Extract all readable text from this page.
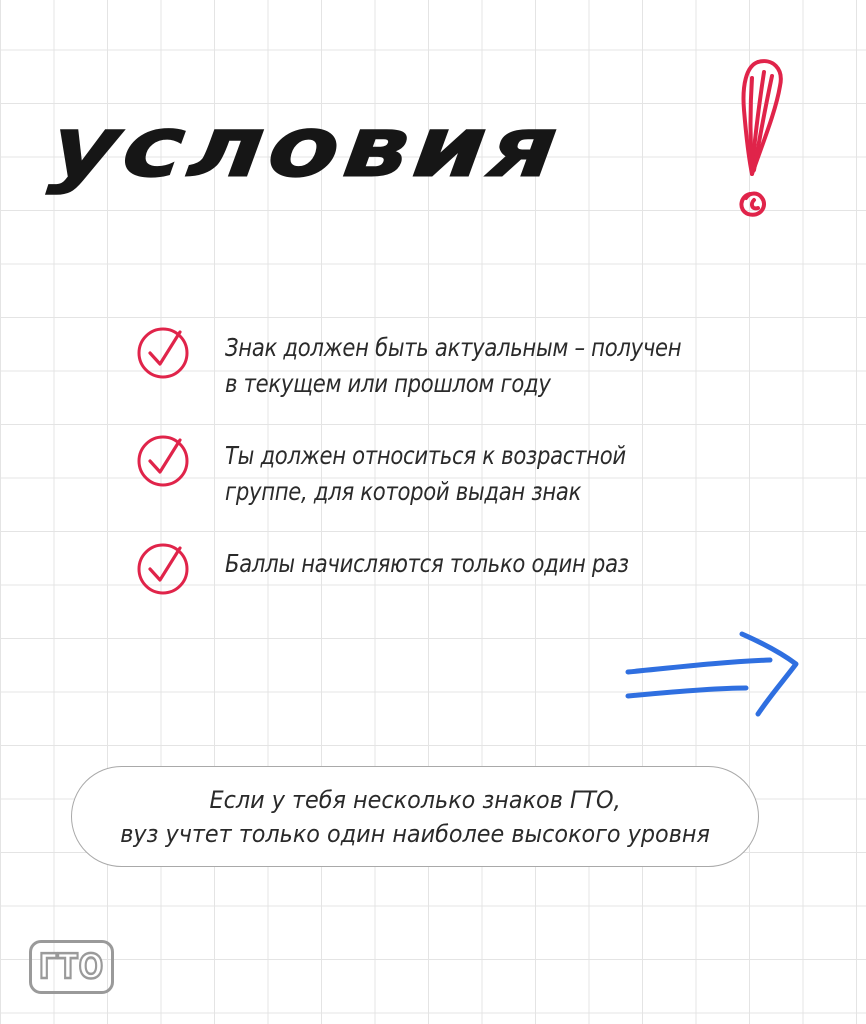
условия
Знак должен быть актуальным – получен
в текущем или прошлом году
Ты должен относиться к возрастной
группе, для которой выдан знак
Баллы начисляются только один раз
Если у тебя несколько знаков ГТО,
вуз учтет только один наиболее высокого уровня
ГТО
